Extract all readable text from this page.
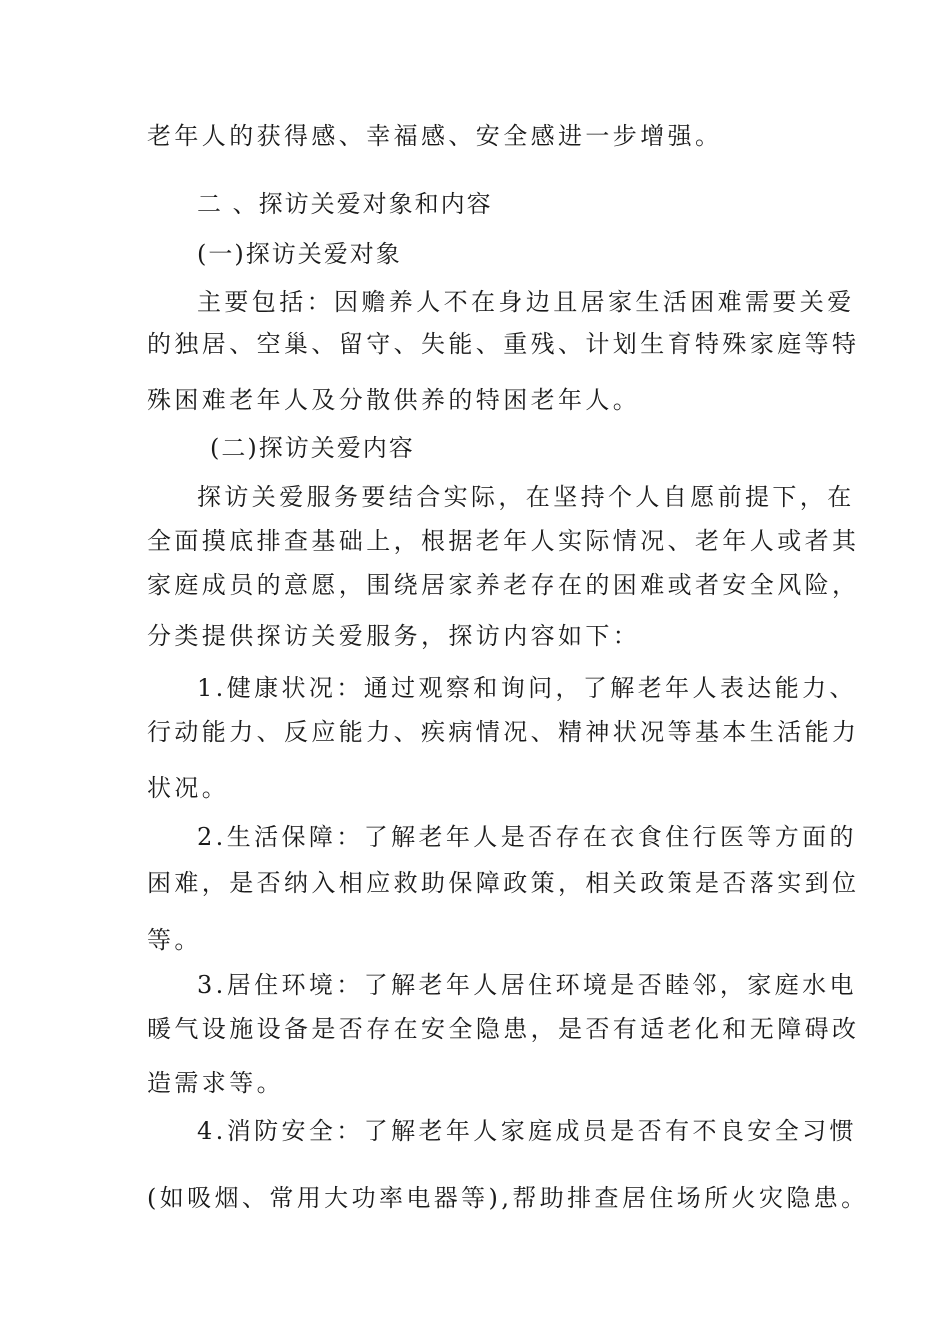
老年人的获得感、幸福感、安全感进一步增强。
二 、探访关爱对象和内容
(一)探访关爱对象
主要包括：因赡养人不在身边且居家生活困难需要关爱
的独居、空巢、留守、失能、重残、计划生育特殊家庭等特
殊困难老年人及分散供养的特困老年人。
(二)探访关爱内容
探访关爱服务要结合实际，在坚持个人自愿前提下，在
全面摸底排查基础上，根据老年人实际情况、老年人或者其
家庭成员的意愿，围绕居家养老存在的困难或者安全风险，
分类提供探访关爱服务，探访内容如下：
1.健康状况：通过观察和询问，了解老年人表达能力、
行动能力、反应能力、疾病情况、精神状况等基本生活能力
状况。
2.生活保障：了解老年人是否存在衣食住行医等方面的
困难，是否纳入相应救助保障政策，相关政策是否落实到位
等。
3.居住环境：了解老年人居住环境是否睦邻，家庭水电
暖气设施设备是否存在安全隐患，是否有适老化和无障碍改
造需求等。
4.消防安全：了解老年人家庭成员是否有不良安全习惯
(如吸烟、常用大功率电器等),帮助排查居住场所火灾隐患。
